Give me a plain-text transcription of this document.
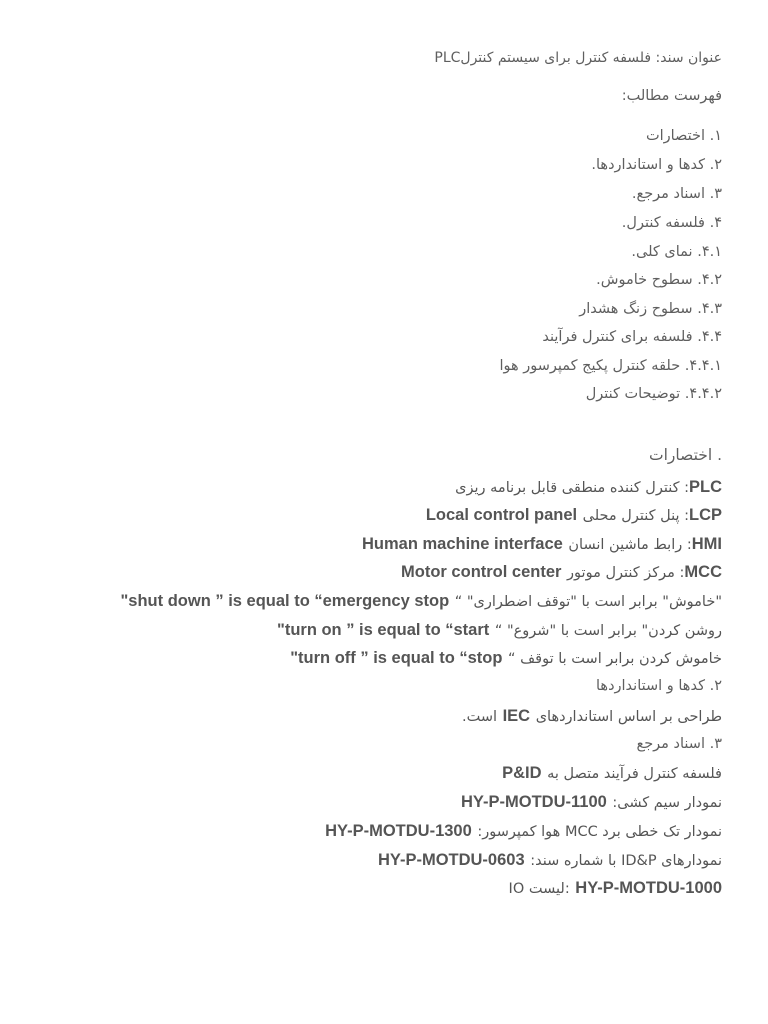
عنوان سند: فلسفه کنترل برای سیستم کنترلPLC
فهرست مطالب:
۱. اختصارات
۲. کدها و استانداردها.
۳. اسناد مرجع.
۴. فلسفه کنترل.
۴.۱. نمای کلی.
۴.۲. سطوح خاموش.
۴.۳. سطوح زنگ هشدار
۴.۴. فلسفه برای کنترل فرآیند
۴.۴.۱. حلقه کنترل پکیج کمپرسور هوا
۴.۴.۲. توضیحات کنترل
. اختصارات
PLC: کنترل کننده منطقی قابل برنامه ریزی
LCP: پنل کنترل محلی Local control panel
HMI: رابط ماشین انسان Human machine interface
MCC: مرکز کنترل موتور Motor control center
"خاموش" برابر است با "توقف اضطراری" “ "shut down ” is equal to “emergency stop
روشن کردن" برابر است با "شروع" “ "turn on ” is equal to “start
خاموش کردن برابر است با توقف “ "turn off ” is equal to “stop
۲. کدها و استانداردها
طراحی بر اساس استانداردهای IEC است.
۳. اسناد مرجع
فلسفه کنترل فرآیند متصل به P&ID
نمودار سیم کشی: HY-P-MOTDU-1100
نمودار تک خطی برد MCC هوا کمپرسور: HY-P-MOTDU-1300
نمودارهای ID&P با شماره سند: HY-P-MOTDU-0603
IO لیست: HY-P-MOTDU-1000
